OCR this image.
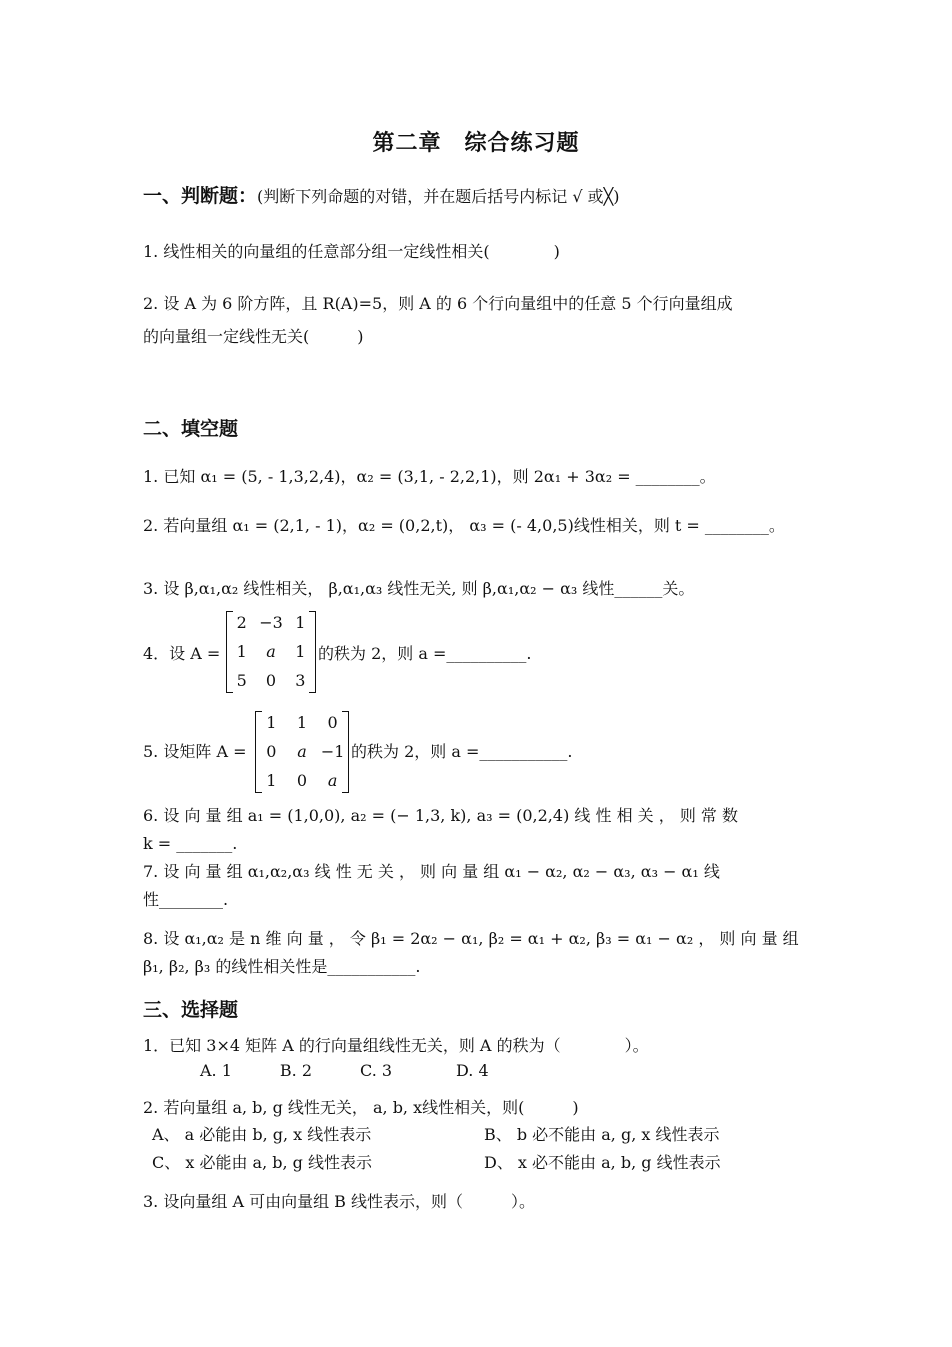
第二章　综合练习题
一、判断题：(判断下列命题的对错，并在题后括号内标记 √ 或╳)
1. 线性相关的向量组的任意部分组一定线性相关(　　　　)
2. 设 A 为 6 阶方阵，且 R(A)=5，则 A 的 6 个行向量组中的任意 5 个行向量组成
的向量组一定线性无关(　　　)
二、填空题
1. 已知 α₁ = (5, - 1,3,2,4)，α₂ = (3,1, - 2,2,1)，则 2α₁ + 3α₂ = ________。
2. 若向量组 α₁ = (2,1, - 1)，α₂ = (0,2,t)， α₃ = (- 4,0,5)线性相关，则 t = ________。
3. 设 β,α₁,α₂ 线性相关， β,α₁,α₃ 线性无关, 则 β,α₁,α₂ − α₃ 线性______关。
4．设 A =
2 −3 1
1	a	1
5	0	3
的秩为 2，则 a =__________.
5. 设矩阵 A =
1	1	0
0	a −1
1	0	a
的秩为 2，则 a =___________.
6. 设 向 量 组 a₁ = (1,0,0), a₂ = (− 1,3, k), a₃ = (0,2,4) 线 性 相 关 ， 则 常 数
k = _______.
7. 设 向 量 组 α₁,α₂,α₃ 线 性 无 关 ， 则 向 量 组 α₁ − α₂, α₂ − α₃, α₃ − α₁ 线
性________.
8. 设 α₁,α₂ 是 n 维 向 量 ， 令 β₁ = 2α₂ − α₁, β₂ = α₁ + α₂, β₃ = α₁ − α₂ ， 则 向 量 组
β₁, β₂, β₃ 的线性相关性是___________.
三、选择题
1．已知 3×4 矩阵 A 的行向量组线性无关，则 A 的秩为（　　　　）。
A. 1　　　B. 2　　　C. 3　　　　D. 4
2. 若向量组 a, b, g 线性无关， a, b, x线性相关，则(　　　)
A、 a 必能由 b, g, x 线性表示	B、 b 必不能由 a, g, x 线性表示
C、 x 必能由 a, b, g 线性表示	D、 x 必不能由 a, b, g 线性表示
3. 设向量组 A 可由向量组 B 线性表示，则（　　　）。
